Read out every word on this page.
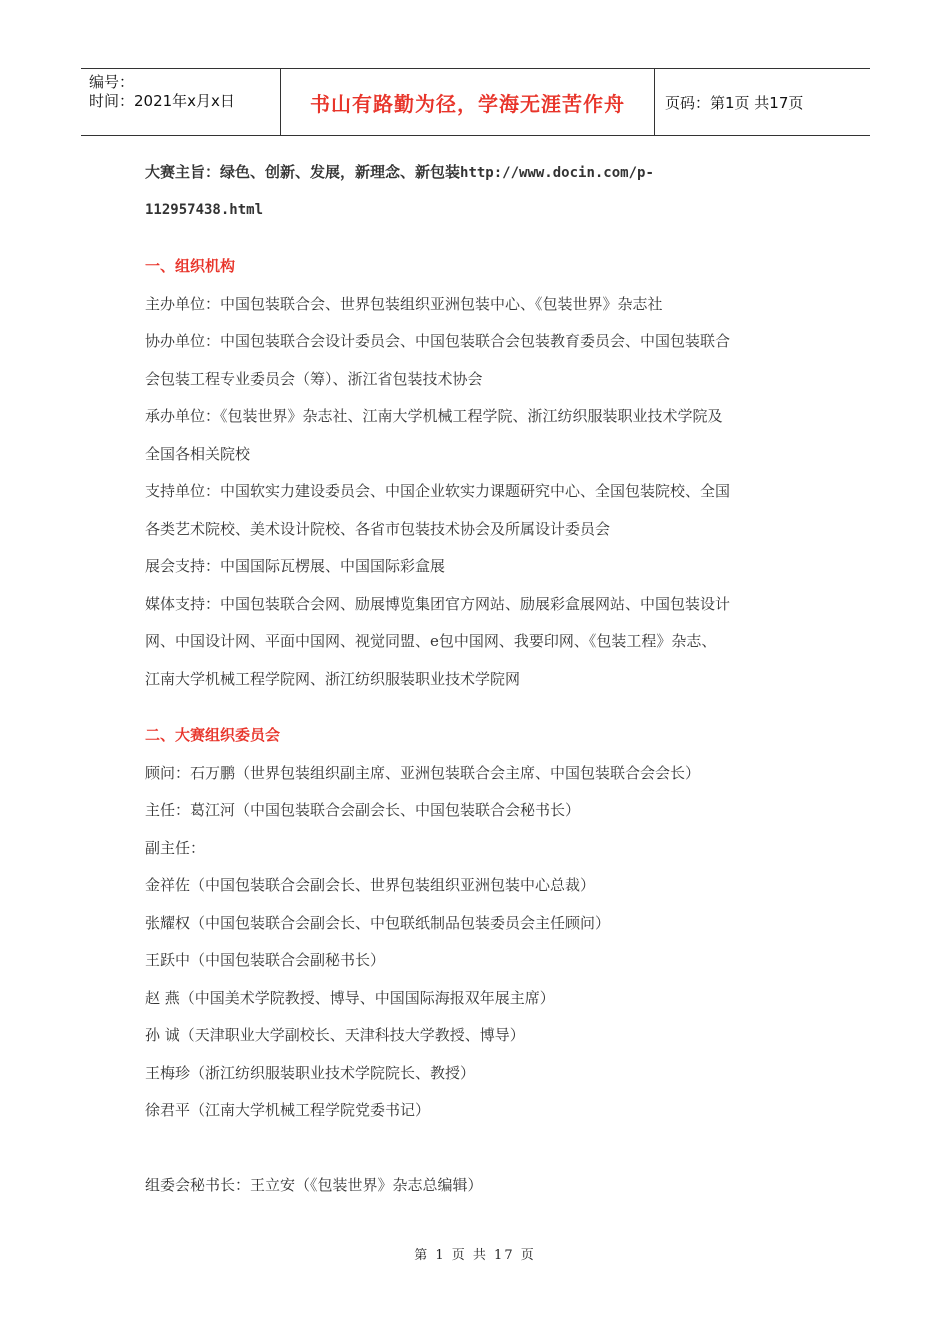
编号：
时间：2021年x月x日	书山有路勤为径，学海无涯苦作舟	页码：第1页 共17页
大赛主旨：绿色、创新、发展，新理念、新包装http://www.docin.com/p-
112957438.html
一、组织机构
主办单位：中国包装联合会、世界包装组织亚洲包装中心、《包装世界》杂志社
协办单位：中国包装联合会设计委员会、中国包装联合会包装教育委员会、中国包装联合
会包装工程专业委员会（筹）、浙江省包装技术协会
承办单位：《包装世界》杂志社、江南大学机械工程学院、浙江纺织服装职业技术学院及
全国各相关院校
支持单位：中国软实力建设委员会、中国企业软实力课题研究中心、全国包装院校、全国
各类艺术院校、美术设计院校、各省市包装技术协会及所属设计委员会
展会支持：中国国际瓦楞展、中国国际彩盒展
媒体支持：中国包装联合会网、励展博览集团官方网站、励展彩盒展网站、中国包装设计
网、中国设计网、平面中国网、视觉同盟、e包中国网、我要印网、《包装工程》杂志、
江南大学机械工程学院网、浙江纺织服装职业技术学院网
二、大赛组织委员会
顾问：石万鹏（世界包装组织副主席、亚洲包装联合会主席、中国包装联合会会长）
主任：葛江河（中国包装联合会副会长、中国包装联合会秘书长）
副主任：
金祥佐（中国包装联合会副会长、世界包装组织亚洲包装中心总裁）
张耀权（中国包装联合会副会长、中包联纸制品包装委员会主任顾问）
王跃中（中国包装联合会副秘书长）
赵 燕（中国美术学院教授、博导、中国国际海报双年展主席）
孙 诚（天津职业大学副校长、天津科技大学教授、博导）
王梅珍（浙江纺织服装职业技术学院院长、教授）
徐君平（江南大学机械工程学院党委书记）
组委会秘书长：王立安（《包装世界》杂志总编辑）
第 1 页 共 17 页
